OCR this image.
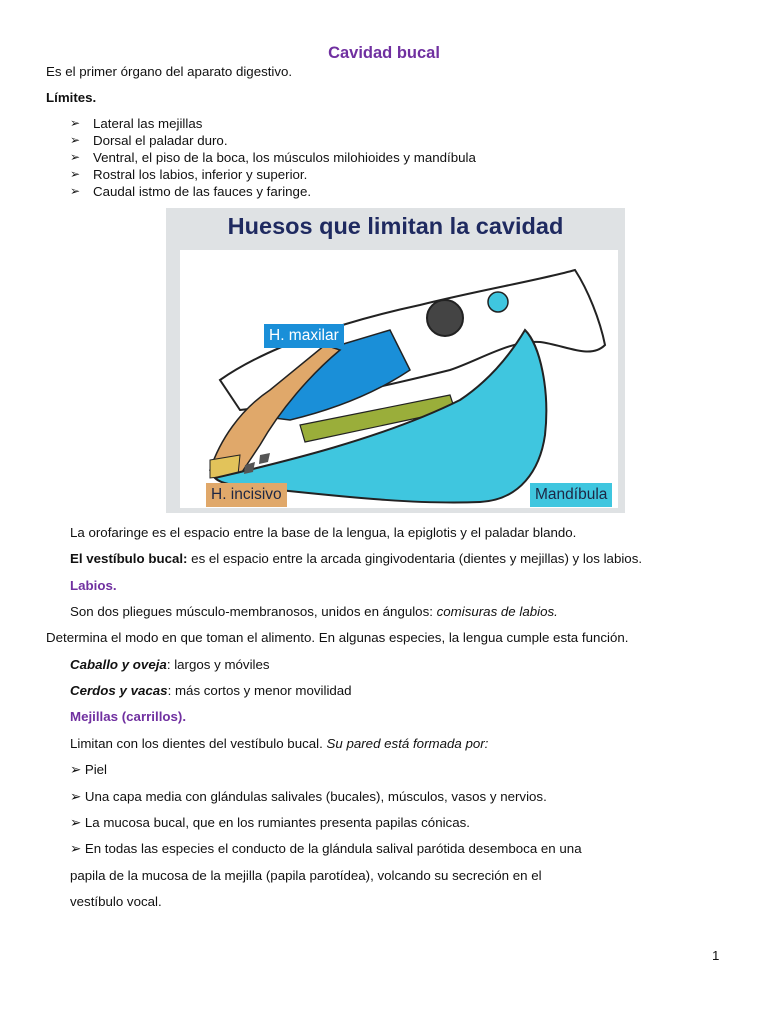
Cavidad bucal
Es el primer órgano del aparato digestivo.
Límites.
➢ Lateral las mejillas
➢ Dorsal el paladar duro.
➢ Ventral, el piso de la boca, los músculos milohioides y mandíbula
➢ Rostral los labios, inferior y superior.
➢ Caudal istmo de las fauces y faringe.
Huesos que limitan la cavidad
H. maxilar
H. incisivo	Mandíbula
La orofaringe es el espacio entre la base de la lengua, la epiglotis y el paladar blando.
El vestíbulo bucal: es el espacio entre la arcada gingivodentaria (dientes y mejillas) y los labios.
Labios.
Son dos pliegues músculo-membranosos, unidos en ángulos: comisuras de labios.
Determina el modo en que toman el alimento. En algunas especies, la lengua cumple esta función.
Caballo y oveja: largos y móviles
Cerdos y vacas: más cortos y menor movilidad
Mejillas (carrillos).
Limitan con los dientes del vestíbulo bucal. Su pared está formada por:
➢ Piel
➢ Una capa media con glándulas salivales (bucales), músculos, vasos y nervios.
➢ La mucosa bucal, que en los rumiantes presenta papilas cónicas.
➢ En todas las especies el conducto de la glándula salival parótida desemboca en una
papila de la mucosa de la mejilla (papila parotídea), volcando su secreción en el
vestíbulo vocal.
1
